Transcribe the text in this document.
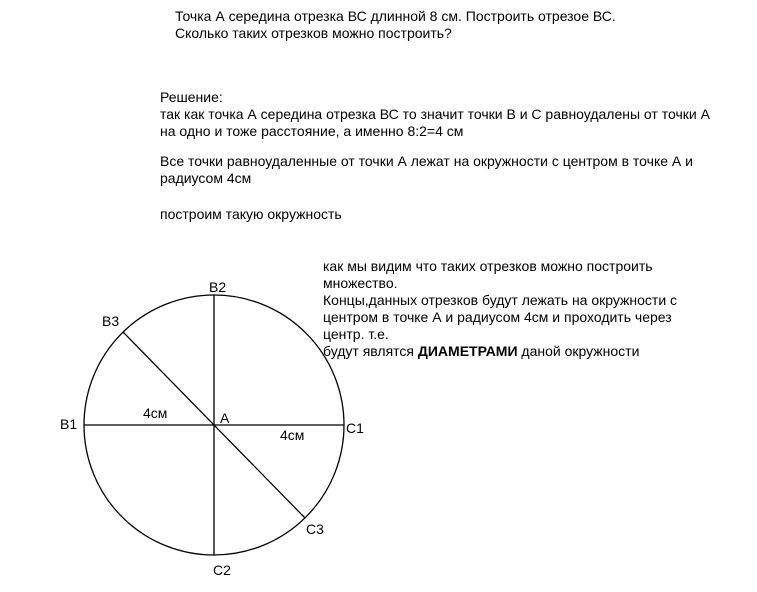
Точка А середина отрезка ВС длинной 8 см. Построить отрезое ВС.
Сколько таких отрезков можно построить?
Решение:
так как точка А середина отрезка ВС то значит точки В и С равноудалены от точки А
на одно и тоже расстояние, а именно 8:2=4 см
Все точки равноудаленные от точки А лежат на окружности с центром в точке А и
радиусом 4см
построим такую окружность
как мы видим что таких отрезков можно построить
множество.
Концы,данных отрезков будут лежать на окружности с
центром в точке А и радиусом 4см и проходить через
центр. т.е.
будут являтся ДИАМЕТРАМИ даной окружности
А
B1
B2
B3
C1
C2
C3
4см
4см
